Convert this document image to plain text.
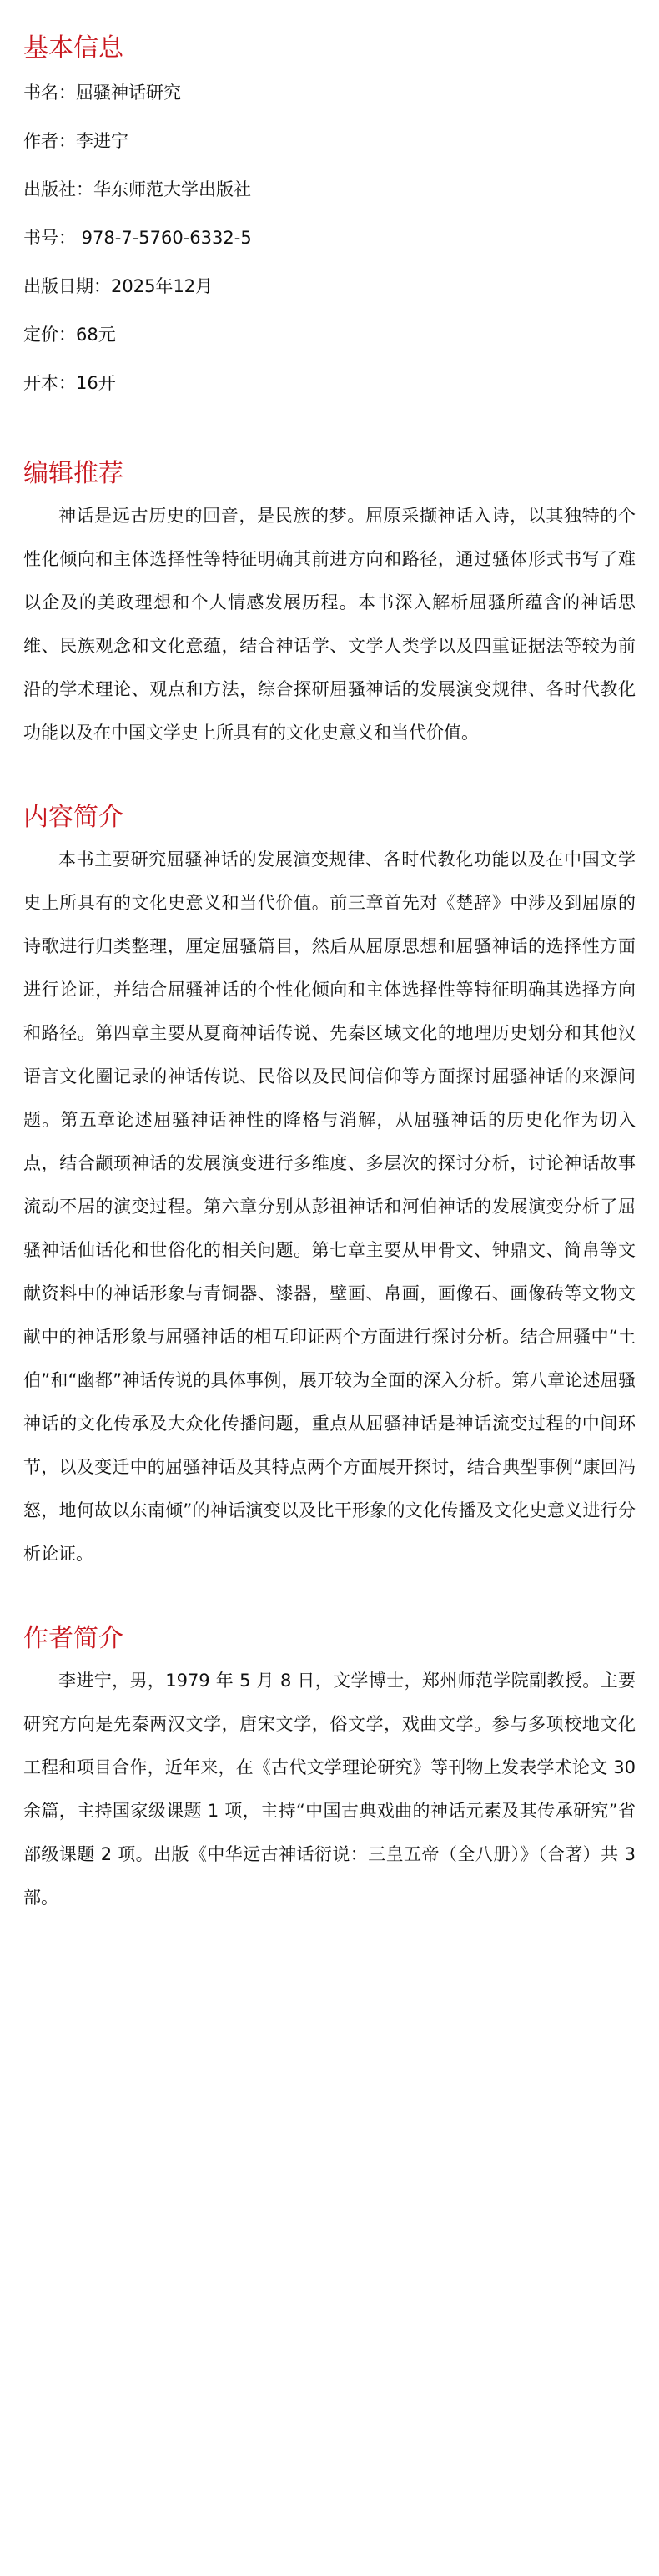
基本信息
书名：屈骚神话研究
作者：李进宁
出版社：华东师范大学出版社
书号： 978-7-5760-6332-5
出版日期：2025年12月
定价：68元
开本：16开
编辑推荐

神话是远古历史的回音，是民族的梦。屈原采撷神话入诗，以其独特的个性化倾向和主体选择性等特征明确其前进方向和路径，通过骚体形式书写了难以企及的美政理想和个人情感发展历程。本书深入解析屈骚所蕴含的神话思维、民族观念和文化意蕴，结合神话学、文学人类学以及四重证据法等较为前沿的学术理论、观点和方法，综合探研屈骚神话的发展演变规律、各时代教化功能以及在中国文学史上所具有的文化史意义和当代价值。

内容简介

本书主要研究屈骚神话的发展演变规律、各时代教化功能以及在中国文学史上所具有的文化史意义和当代价值。前三章首先对《楚辞》中涉及到屈原的诗歌进行归类整理，厘定屈骚篇目，然后从屈原思想和屈骚神话的选择性方面进行论证，并结合屈骚神话的个性化倾向和主体选择性等特征明确其选择方向和路径。第四章主要从夏商神话传说、先秦区域文化的地理历史划分和其他汉语言文化圈记录的神话传说、民俗以及民间信仰等方面探讨屈骚神话的来源问题。第五章论述屈骚神话神性的降格与消解，从屈骚神话的历史化作为切入点，结合颛顼神话的发展演变进行多维度、多层次的探讨分析，讨论神话故事流动不居的演变过程。第六章分别从彭祖神话和河伯神话的发展演变分析了屈骚神话仙话化和世俗化的相关问题。第七章主要从甲骨文、钟鼎文、简帛等文献资料中的神话形象与青铜器、漆器，壁画、帛画，画像石、画像砖等文物文献中的神话形象与屈骚神话的相互印证两个方面进行探讨分析。结合屈骚中“土伯”和“幽都”神话传说的具体事例，展开较为全面的深入分析。第八章论述屈骚神话的文化传承及大众化传播问题，重点从屈骚神话是神话流变过程的中间环节，以及变迁中的屈骚神话及其特点两个方面展开探讨，结合典型事例“康回冯怒，地何故以东南倾”的神话演变以及比干形象的文化传播及文化史意义进行分析论证。

作者简介

李进宁，男，1979 年 5 月 8 日，文学博士，郑州师范学院副教授。主要研究方向是先秦两汉文学，唐宋文学，俗文学，戏曲文学。参与多项校地文化工程和项目合作，近年来，在《古代文学理论研究》等刊物上发表学术论文 30 余篇，主持国家级课题 1 项，主持“中国古典戏曲的神话元素及其传承研究”省部级课题 2 项。出版《中华远古神话衍说：三皇五帝（全八册）》（合著）共 3 部。
